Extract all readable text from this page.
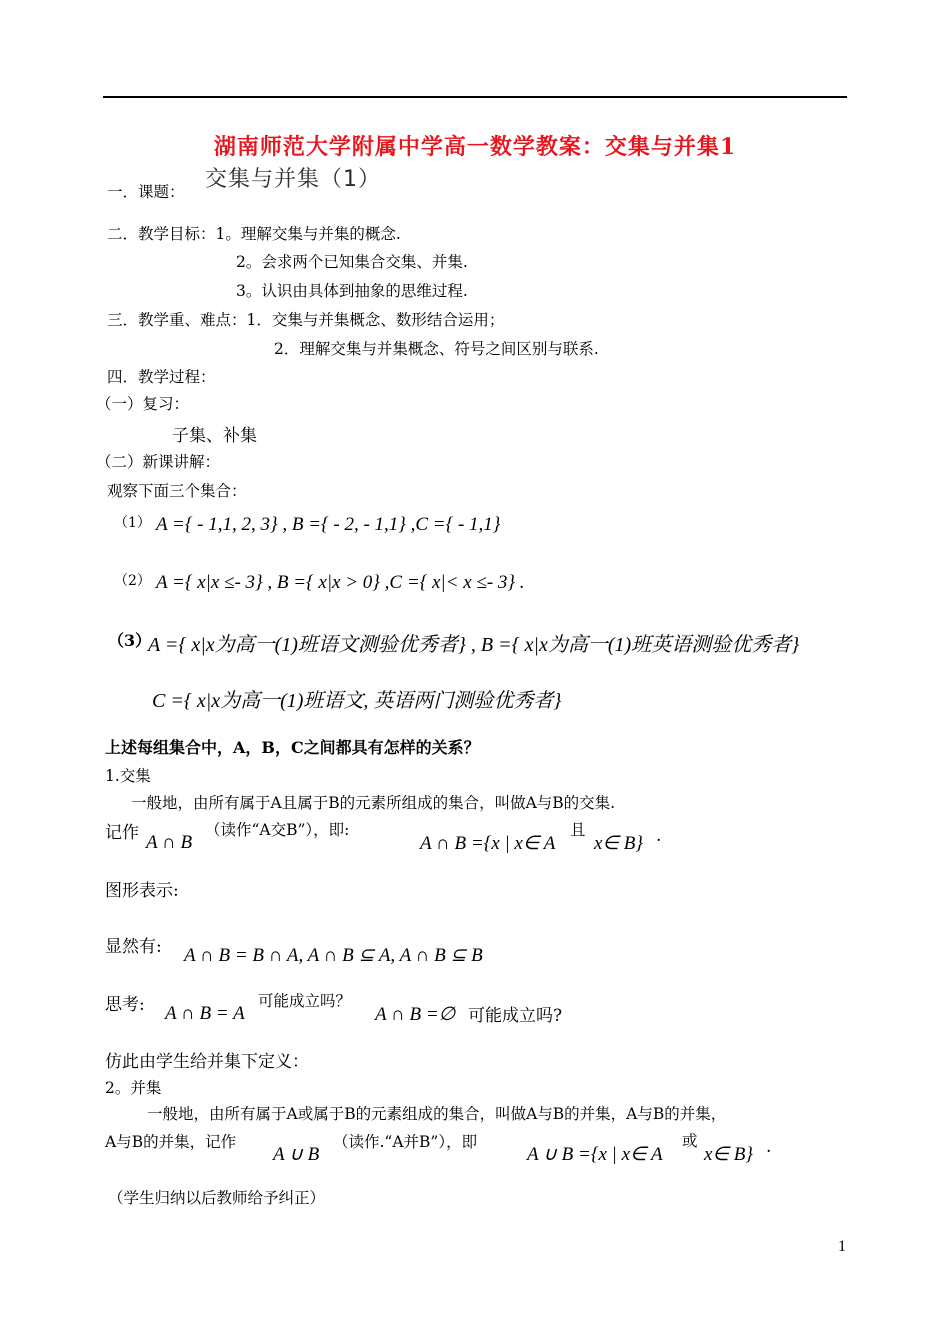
湖南师范大学附属中学高一数学教案：交集与并集1
一．课题： 交集与并集（1）
二．教学目标：1。理解交集与并集的概念.
2。会求两个已知集合交集、并集.
3。认识由具体到抽象的思维过程.
三．教学重、难点：1．交集与并集概念、数形结合运用；
2．理解交集与并集概念、符号之间区别与联系.
四．教学过程：
（一）复习：
子集、补集
（二）新课讲解：
观察下面三个集合：
（1） A ={ - 1,1, 2, 3} , B ={ - 2, - 1,1} ,C ={ - 1,1}
（2） A ={ x|x ≤- 3} , B ={ x|x > 0} ,C ={ x|< x ≤- 3} .
（3）
A ={ x|x为高一(1)班语文测验优秀者} , B ={ x|x为高一(1)班英语测验优秀者}
C ={ x|x为高一(1)班语文, 英语两门测验优秀者}
上述每组集合中，A，B，C之间都具有怎样的关系？
1.交集
一般地，由所有属于A且属于B的元素所组成的集合，叫做A与B的交集.
记作 A ∩ B
（读作“A交B”），即:
A ∩ B ={x | x∈ A
且
x∈ B} .
图形表示:
显然有: A ∩ B = B ∩ A, A ∩ B ⊆ A, A ∩ B ⊆ B
思考: A ∩ B = A
可能成立吗？
A ∩ B =∅ 可能成立吗?
仿此由学生给并集下定义：
2。并集
一般地，由所有属于A或属于B的元素组成的集合，叫做A与B的并集，A与B的并集，
A与B的并集，记作
A ∪ B
（读作.“A并B”），即
A ∪ B ={x | x∈ A
或
x∈ B} .
（学生归纳以后教师给予纠正）
1
